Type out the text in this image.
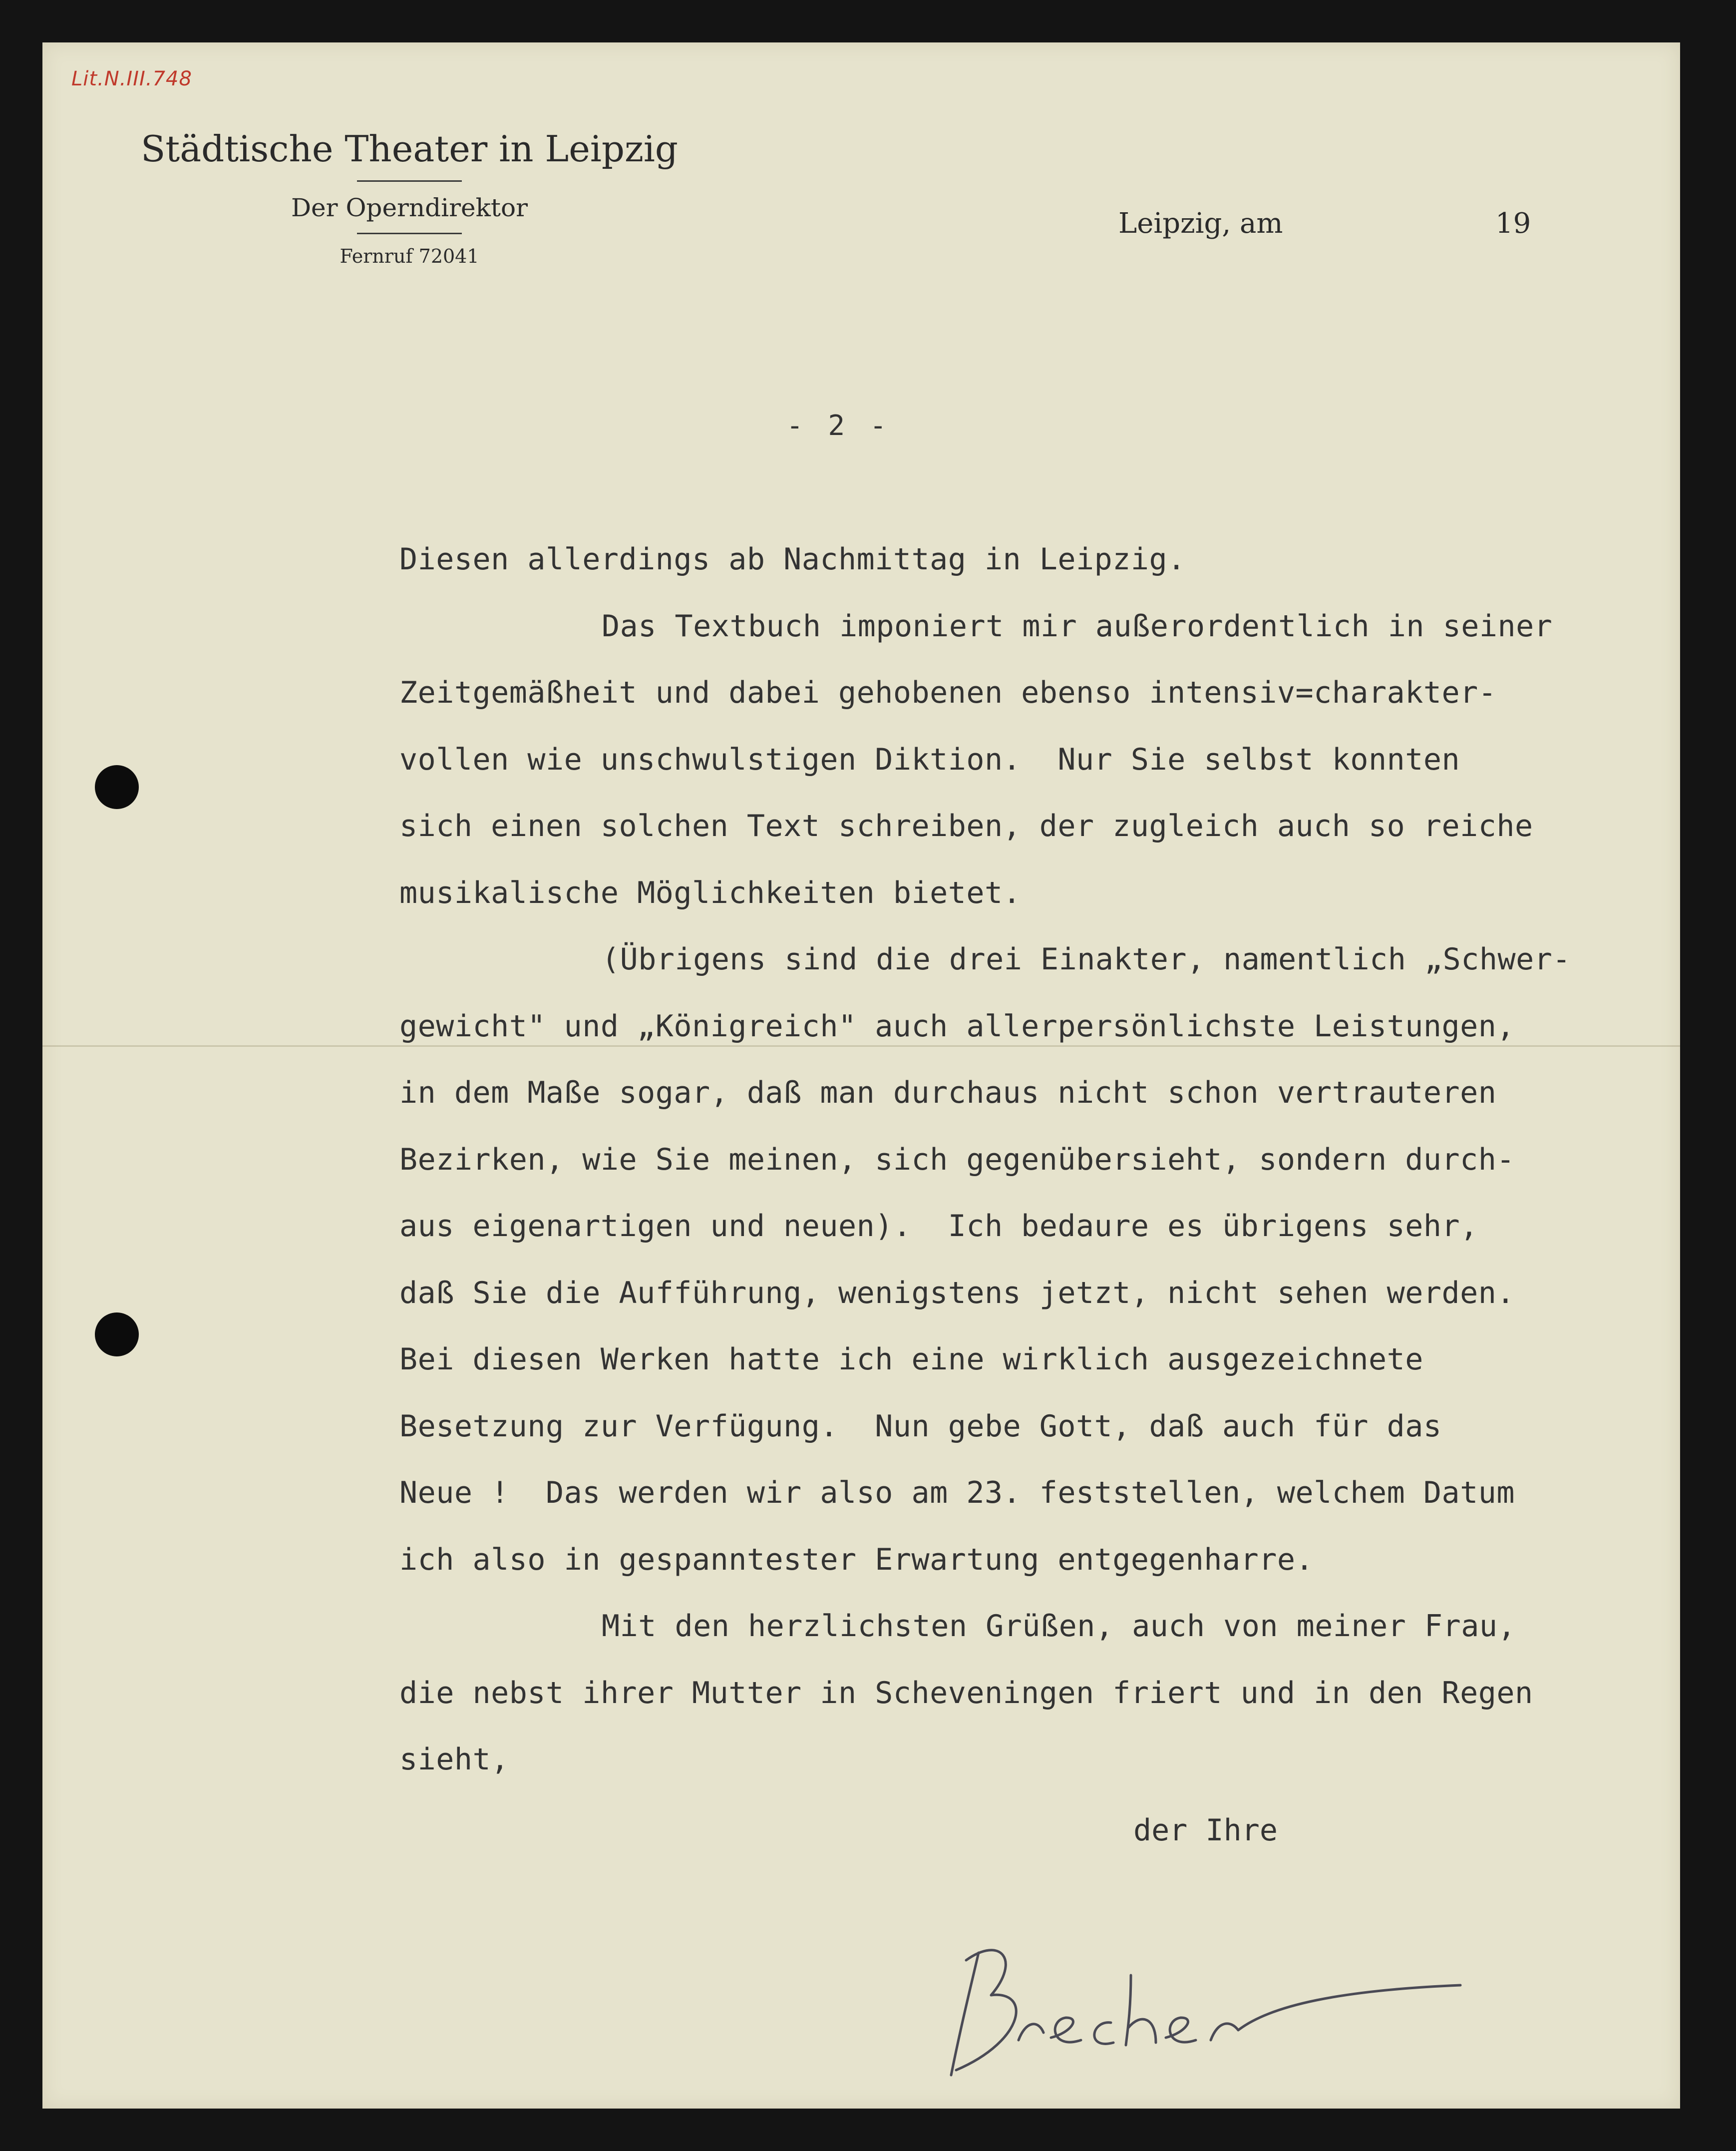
Lit.N.III.748
Städtische Theater in Leipzig
Der Operndirektor
Fernruf 72041
Leipzig, am	19
- 2 -
Diesen allerdings ab Nachmittag in Leipzig.
Das Textbuch imponiert mir außerordentlich in seiner
Zeitgemäßheit und dabei gehobenen ebenso intensiv=charakter-
vollen wie unschwulstigen Diktion.  Nur Sie selbst konnten
sich einen solchen Text schreiben, der zugleich auch so reiche
musikalische Möglichkeiten bietet.
(Übrigens sind die drei Einakter, namentlich „Schwer-
gewicht" und „Königreich" auch allerpersönlichste Leistungen,
in dem Maße sogar, daß man durchaus nicht schon vertrauteren
Bezirken, wie Sie meinen, sich gegenübersieht, sondern durch-
aus eigenartigen und neuen).  Ich bedaure es übrigens sehr,
daß Sie die Aufführung, wenigstens jetzt, nicht sehen werden.
Bei diesen Werken hatte ich eine wirklich ausgezeichnete
Besetzung zur Verfügung.  Nun gebe Gott, daß auch für das
Neue !  Das werden wir also am 23. feststellen, welchem Datum
ich also in gespanntester Erwartung entgegenharre.
Mit den herzlichsten Grüßen, auch von meiner Frau,
die nebst ihrer Mutter in Scheveningen friert und in den Regen
sieht,
der Ihre
